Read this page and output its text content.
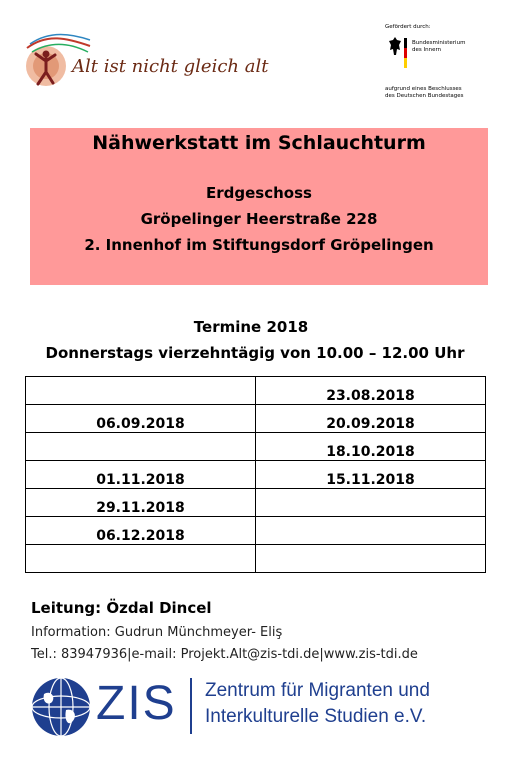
Alt ist nicht gleich alt
Gefördert durch:
Bundesministerium
des Innern
aufgrund eines Beschlusses
des Deutschen Bundestages
Nähwerkstatt im Schlauchturm
Erdgeschoss
Gröpelinger Heerstraße 228
2. Innenhof im Stiftungsdorf Gröpelingen
Termine 2018
Donnerstags vierzehntägig von 10.00 – 12.00 Uhr
	23.08.2018
06.09.2018	20.09.2018
	18.10.2018
01.11.2018	15.11.2018
29.11.2018	
06.12.2018	

Leitung: Özdal Dincel
Information: Gudrun Münchmeyer- Eliş
Tel.: 83947936|e-mail: Projekt.Alt@zis-tdi.de|www.zis-tdi.de
ZIS Zentrum für Migranten und
Interkulturelle Studien e.V.
